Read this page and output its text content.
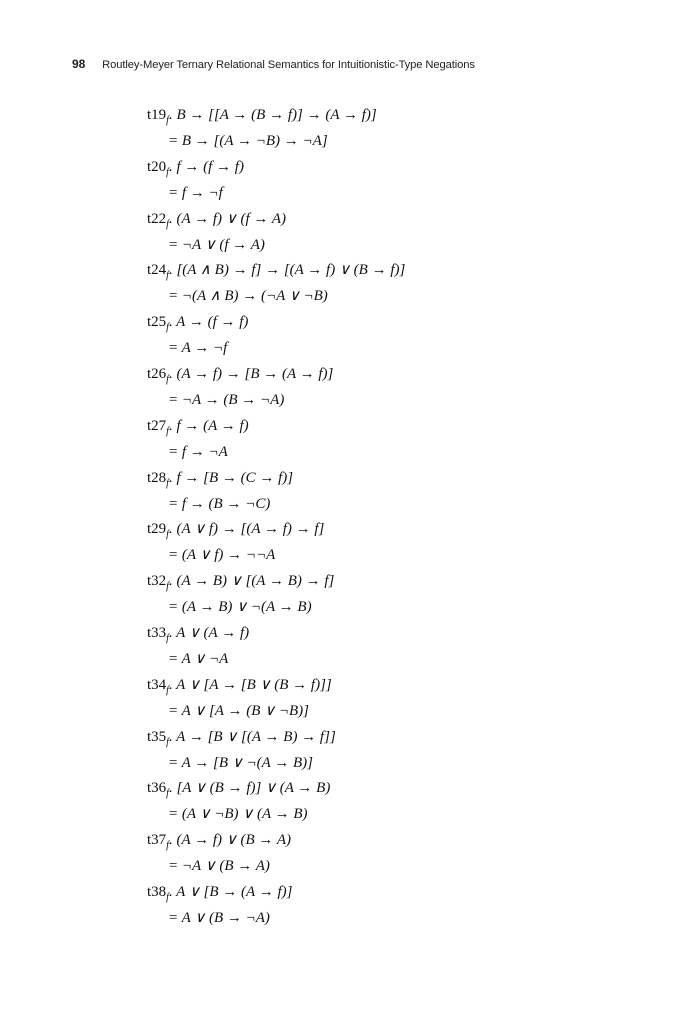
98 Routley-Meyer Ternary Relational Semantics for Intuitionistic-Type Negations
$t19_f$. B → [[A → (B → f)] → (A → f)]
= B → [(A → ¬B) → ¬A]
$t20_f$. f → (f → f)
= f → ¬f
$t22_f$. (A → f) ∨ (f → A)
= ¬A ∨ (f → A)
$t24_f$. [(A ∧ B) → f] → [(A → f) ∨ (B → f)]
= ¬(A ∧ B) → (¬A ∨ ¬B)
$t25_f$. A → (f → f)
= A → ¬f
$t26_f$. (A → f) → [B → (A → f)]
= ¬A → (B → ¬A)
$t27_f$. f → (A → f)
= f → ¬A
$t28_f$. f → [B → (C → f)]
= f → (B → ¬C)
$t29_f$. (A ∨ f) → [(A → f) → f]
= (A ∨ f) → ¬¬A
$t32_f$. (A → B) ∨ [(A → B) → f]
= (A → B) ∨ ¬(A → B)
$t33_f$. A ∨ (A → f)
= A ∨ ¬A
$t34_f$. A ∨ [A → [B ∨ (B → f)]]
= A ∨ [A → (B ∨ ¬B)]
$t35_f$. A → [B ∨ [(A → B) → f]]
= A → [B ∨ ¬(A → B)]
$t36_f$. [A ∨ (B → f)] ∨ (A → B)
= (A ∨ ¬B) ∨ (A → B)
$t37_f$. (A → f) ∨ (B → A)
= ¬A ∨ (B → A)
$t38_f$. A ∨ [B → (A → f)]
= A ∨ (B → ¬A)
